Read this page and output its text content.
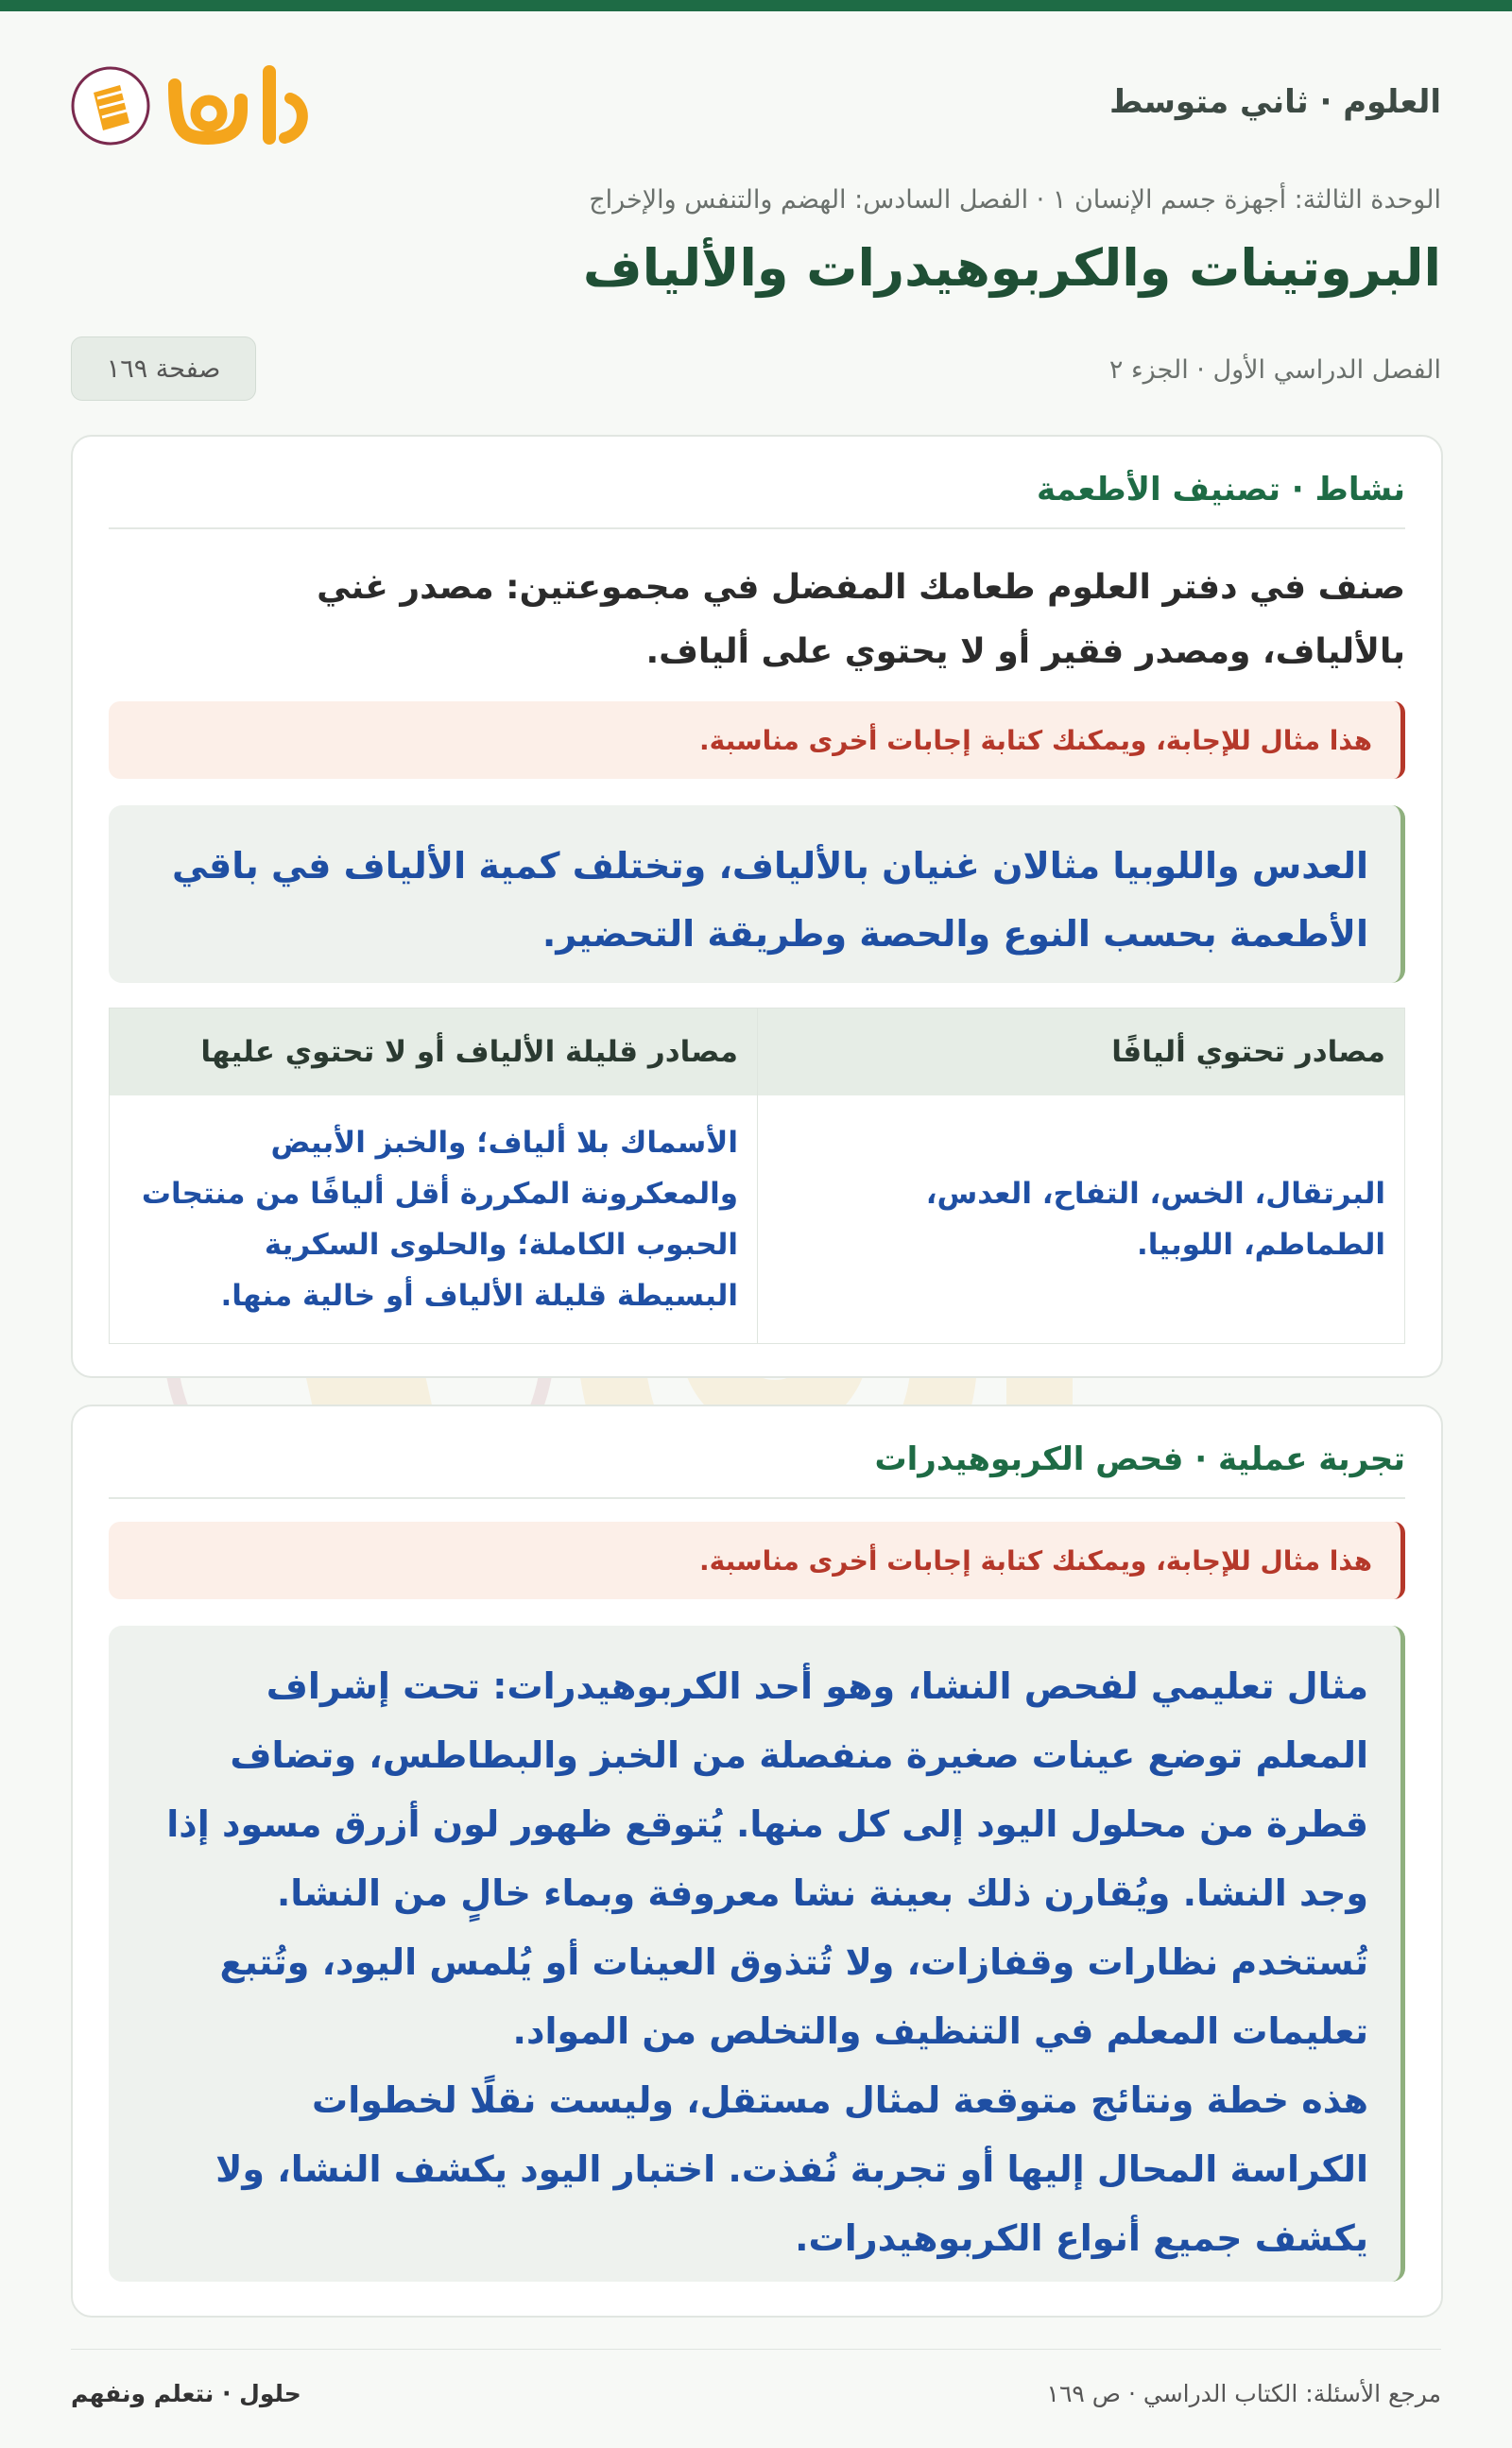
العلوم · ثاني متوسط
الوحدة الثالثة: أجهزة جسم الإنسان ١ · الفصل السادس: الهضم والتنفس والإخراج
البروتينات والكربوهيدرات والألياف
الفصل الدراسي الأول · الجزء ٢
صفحة ١٦٩
نشاط · تصنيف الأطعمة
صنف في دفتر العلوم طعامك المفضل في مجموعتين: مصدر غني
بالألياف، ومصدر فقير أو لا يحتوي على ألياف.
هذا مثال للإجابة، ويمكنك كتابة إجابات أخرى مناسبة.

العدس واللوبيا مثالان غنيان بالألياف، وتختلف كمية الألياف في باقي

الأطعمة بحسب النوع والحصة وطريقة التحضير.

مصادر تحتوي أليافًا
مصادر قليلة الألياف أو لا تحتوي عليها
البرتقال، الخس، التفاح، العدس،
الطماطم، اللوبيا.
الأسماك بلا ألياف؛ والخبز الأبيض
والمعكرونة المكررة أقل أليافًا من منتجات
الحبوب الكاملة؛ والحلوى السكرية
البسيطة قليلة الألياف أو خالية منها.
تجربة عملية · فحص الكربوهيدرات
هذا مثال للإجابة، ويمكنك كتابة إجابات أخرى مناسبة.

مثال تعليمي لفحص النشا، وهو أحد الكربوهيدرات: تحت إشراف

المعلم توضع عينات صغيرة منفصلة من الخبز والبطاطس، وتضاف

قطرة من محلول اليود إلى كل منها. يُتوقع ظهور لون أزرق مسود إذا

وجد النشا. ويُقارن ذلك بعينة نشا معروفة وبماء خالٍ من النشا.

تُستخدم نظارات وقفازات، ولا تُتذوق العينات أو يُلمس اليود، وتُتبع

تعليمات المعلم في التنظيف والتخلص من المواد.

هذه خطة ونتائج متوقعة لمثال مستقل، وليست نقلًا لخطوات

الكراسة المحال إليها أو تجربة نُفذت. اختبار اليود يكشف النشا، ولا

يكشف جميع أنواع الكربوهيدرات.

مرجع الأسئلة: الكتاب الدراسي · ص ١٦٩
حلول · نتعلم ونفهم
